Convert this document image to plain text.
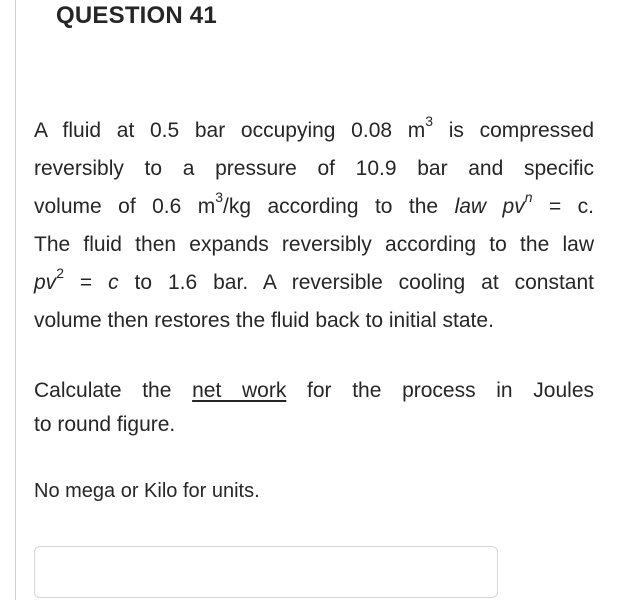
QUESTION 41

A fluid at 0.5 bar occupying 0.08 $m^3$ is compressed
reversibly to a pressure of 10.9 bar and specific
volume of 0.6 $m^3/kg$ according to the law $pv^n = c$.
The fluid then expands reversibly according to the law
$pv^2 = c$ to 1.6 bar. A reversible cooling at constant
volume then restores the fluid back to initial state.

Calculate the net work for the process in Joules
to round figure.

No mega or Kilo for units.
